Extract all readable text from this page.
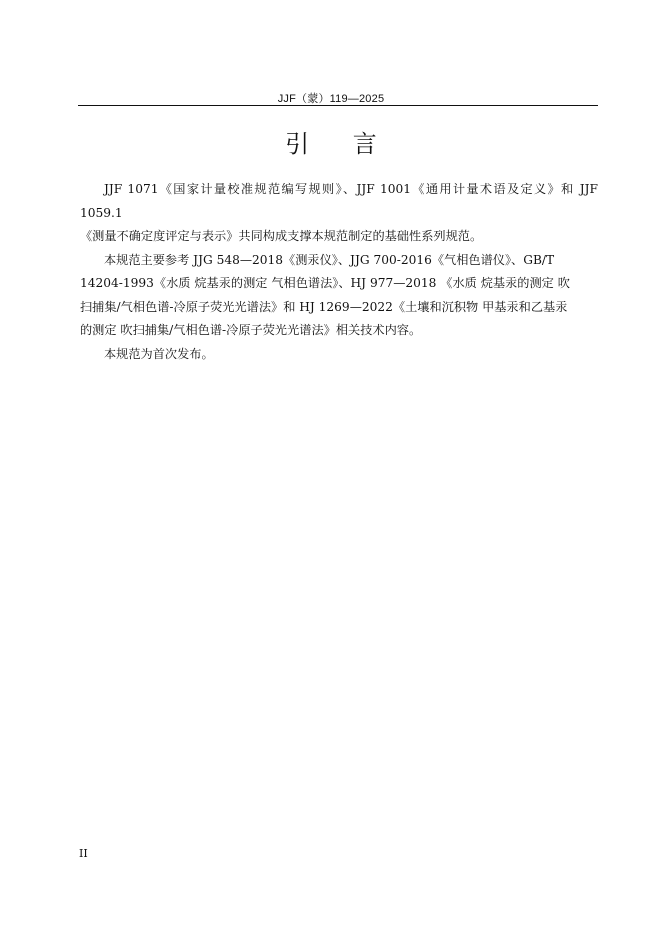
JJF（蒙）119—2025
引 言

JJF 1071《国家计量校准规范编写规则》、JJF 1001《通用计量术语及定义》和 JJF 1059.1
《测量不确定度评定与表示》共同构成支撑本规范制定的基础性系列规范。

本规范主要参考 JJG 548—2018《测汞仪》、JJG 700-2016《气相色谱仪》、GB/T
14204-1993《水质 烷基汞的测定 气相色谱法》、HJ 977—2018 《水质 烷基汞的测定 吹
扫捕集/气相色谱-冷原子荧光光谱法》和 HJ 1269—2022《土壤和沉积物 甲基汞和乙基汞
的测定 吹扫捕集/气相色谱-冷原子荧光光谱法》相关技术内容。

本规范为首次发布。

II
